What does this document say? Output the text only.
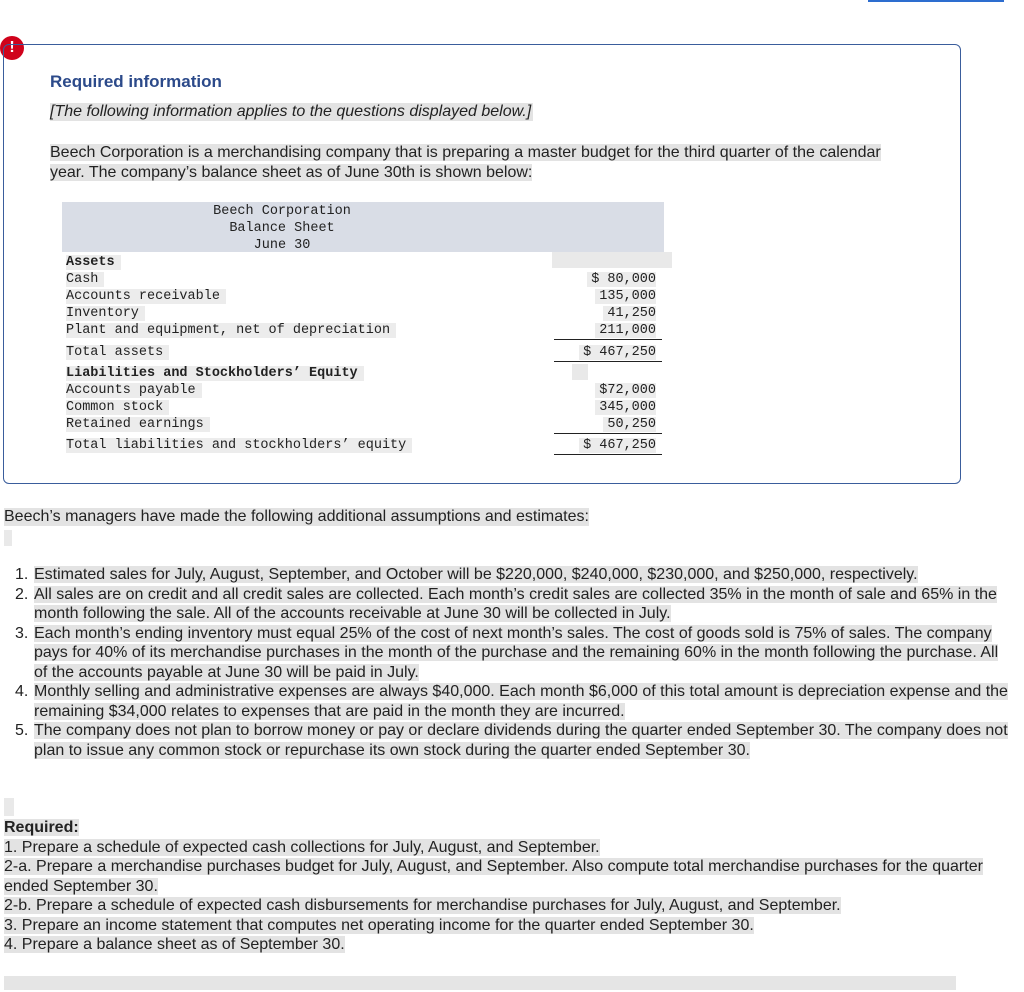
!
Required information
[The following information applies to the questions displayed below.]
Beech Corporation is a merchandising company that is preparing a master budget for the third quarter of the calendar year. The company’s balance sheet as of June 30th is shown below:
Beech Corporation
Balance Sheet
June 30
Assets
Cash	$ 80,000
Accounts receivable	135,000
Inventory	41,250
Plant and equipment, net of depreciation	211,000
Total assets	$ 467,250
Liabilities and Stockholders’ Equity
Accounts payable	$72,000
Common stock	345,000
Retained earnings	50,250
Total liabilities and stockholders’ equity	$ 467,250
Beech’s managers have made the following additional assumptions and estimates:
1. Estimated sales for July, August, September, and October will be $220,000, $240,000, $230,000, and $250,000, respectively.
2. All sales are on credit and all credit sales are collected. Each month’s credit sales are collected 35% in the month of sale and 65% in the month following the sale. All of the accounts receivable at June 30 will be collected in July.
3. Each month’s ending inventory must equal 25% of the cost of next month’s sales. The cost of goods sold is 75% of sales. The company pays for 40% of its merchandise purchases in the month of the purchase and the remaining 60% in the month following the purchase. All of the accounts payable at June 30 will be paid in July.
4. Monthly selling and administrative expenses are always $40,000. Each month $6,000 of this total amount is depreciation expense and the remaining $34,000 relates to expenses that are paid in the month they are incurred.
5. The company does not plan to borrow money or pay or declare dividends during the quarter ended September 30. The company does not plan to issue any common stock or repurchase its own stock during the quarter ended September 30.
Required:
1. Prepare a schedule of expected cash collections for July, August, and September.
2-a. Prepare a merchandise purchases budget for July, August, and September. Also compute total merchandise purchases for the quarter ended September 30.
2-b. Prepare a schedule of expected cash disbursements for merchandise purchases for July, August, and September.
3. Prepare an income statement that computes net operating income for the quarter ended September 30.
4. Prepare a balance sheet as of September 30.
